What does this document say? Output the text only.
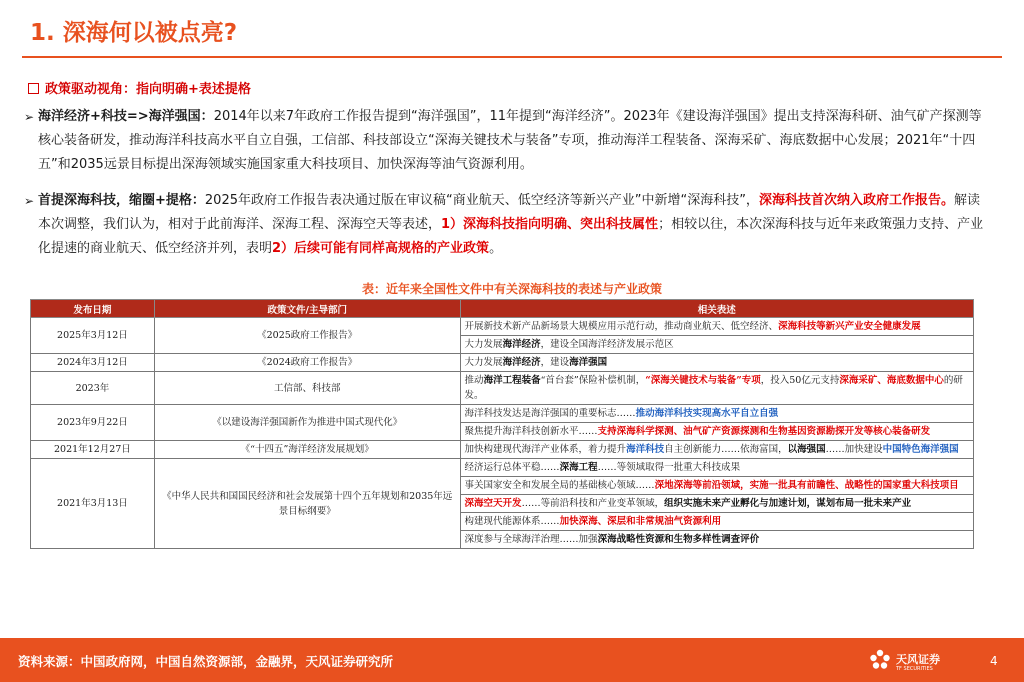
1. 深海何以被点亮?
政策驱动视角：指向明确+表述提格
➢ 海洋经济+科技=>海洋强国：2014年以来7年政府工作报告提到“海洋强国”，11年提到“海洋经济”。2023年《建设海洋强国》提出支持深海科研、油气矿产探测等核心装备研发，推动海洋科技高水平自立自强，工信部、科技部设立“深海关键技术与装备”专项，推动海洋工程装备、深海采矿、海底数据中心发展；2021年“十四五”和2035远景目标提出深海领域实施国家重大科技项目、加快深海等油气资源利用。
➢ 首提深海科技，缩圈+提格：2025年政府工作报告表决通过版在审议稿“商业航天、低空经济等新兴产业”中新增“深海科技”，深海科技首次纳入政府工作报告。解读本次调整，我们认为，相对于此前海洋、深海工程、深海空天等表述，1）深海科技指向明确、突出科技属性；相较以往，本次深海科技与近年来政策强力支持、产业化提速的商业航天、低空经济并列，表明2）后续可能有同样高规格的产业政策。
表：近年来全国性文件中有关深海科技的表述与产业政策
发布日期	政策文件/主导部门	相关表述
2025年3月12日	《2025政府工作报告》	开展新技术新产品新场景大规模应用示范行动，推动商业航天、低空经济、深海科技等新兴产业安全健康发展
		大力发展海洋经济，建设全国海洋经济发展示范区
2024年3月12日	《2024政府工作报告》	大力发展海洋经济，建设海洋强国
2023年	工信部、科技部	推动海洋工程装备“首台套”保险补偿机制，“深海关键技术与装备”专项，投入50亿元支持深海采矿、海底数据中心的研发。
2023年9月22日	《以建设海洋强国新作为推进中国式现代化》	海洋科技发达是海洋强国的重要标志……推动海洋科技实现高水平自立自强
		聚焦提升海洋科技创新水平……支持深海科学探测、油气矿产资源探测和生物基因资源勘探开发等核心装备研发
2021年12月27日	《“十四五”海洋经济发展规划》	加快构建现代海洋产业体系，着力提升海洋科技自主创新能力……依海富国，以海强国……加快建设中国特色海洋强国
2021年3月13日	《中华人民共和国国民经济和社会发展第十四个五年规划和2035年远景目标纲要》	经济运行总体平稳……深海工程……等领域取得一批重大科技成果
		事关国家安全和发展全局的基础核心领域……深地深海等前沿领域，实施一批具有前瞻性、战略性的国家重大科技项目
		深海空天开发……等前沿科技和产业变革领域，组织实施未来产业孵化与加速计划，谋划布局一批未来产业
		构建现代能源体系……加快深海、深层和非常规油气资源利用
		深度参与全球海洋治理……加强深海战略性资源和生物多样性调查评价
资料来源：中国政府网，中国自然资源部，金融界，天风证券研究所	天风证券
TF SECURITIES
4
